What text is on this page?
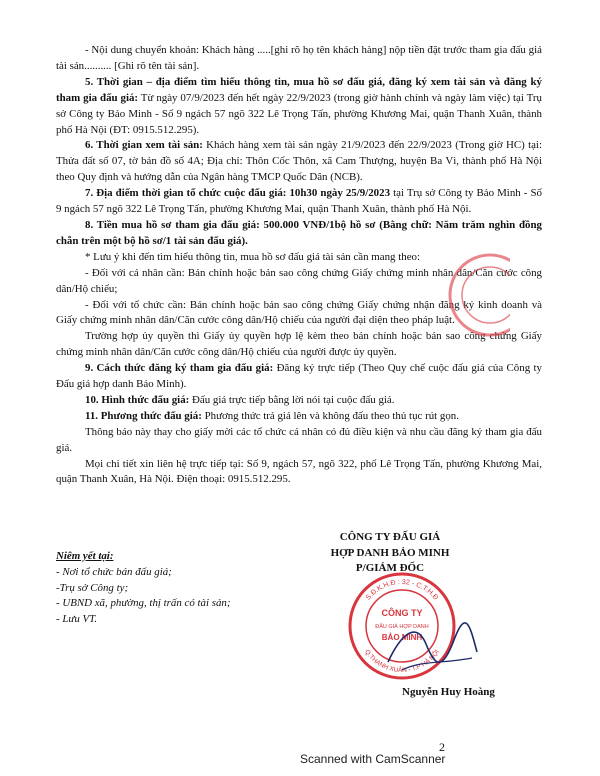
- Nội dung chuyển khoản: Khách hàng .....[ghi rõ họ tên khách hàng] nộp tiền đặt trước tham gia đấu giá tài sản.......... [Ghi rõ tên tài sản].

5. Thời gian – địa điểm tìm hiểu thông tin, mua hồ sơ đấu giá, đăng ký xem tài sản và đăng ký tham gia đấu giá: Từ ngày 07/9/2023 đến hết ngày 22/9/2023 (trong giờ hành chính và ngày làm việc) tại Trụ sở Công ty Bảo Minh - Số 9 ngách 57 ngõ 322 Lê Trọng Tấn, phường Khương Mai, quận Thanh Xuân, thành phố Hà Nội (ĐT: 0915.512.295).

6. Thời gian xem tài sản: Khách hàng xem tài sản ngày 21/9/2023 đến 22/9/2023 (Trong giờ HC) tại: Thửa đất số 07, tờ bản đồ số 4A; Địa chỉ: Thôn Cốc Thôn, xã Cam Thượng, huyện Ba Vì, thành phố Hà Nội theo Quy định và hướng dẫn của Ngân hàng TMCP Quốc Dân (NCB).

7. Địa điểm thời gian tổ chức cuộc đấu giá: 10h30 ngày 25/9/2023 tại Trụ sở Công ty Bảo Minh - Số 9 ngách 57 ngõ 322 Lê Trọng Tấn, phường Khương Mai, quận Thanh Xuân, thành phố Hà Nội.

8. Tiền mua hồ sơ tham gia đấu giá: 500.000 VNĐ/1bộ hồ sơ (Bằng chữ: Năm trăm nghìn đồng chẵn trên một bộ hồ sơ/1 tài sản đấu giá).

* Lưu ý khi đến tìm hiểu thông tin, mua hồ sơ đấu giá tài sản cần mang theo:

- Đối với cá nhân cần: Bản chính hoặc bản sao công chứng Giấy chứng minh nhân dân/Căn cước công dân/Hộ chiếu;

- Đối với tổ chức cần: Bản chính hoặc bản sao công chứng Giấy chứng nhận đăng ký kinh doanh và Giấy chứng minh nhân dân/Căn cước công dân/Hộ chiếu của người đại diện theo pháp luật.

Trường hợp ủy quyền thì Giấy ủy quyền hợp lệ kèm theo bản chính hoặc bản sao công chứng Giấy chứng minh nhân dân/Căn cước công dân/Hộ chiếu của người được ủy quyền.

9. Cách thức đăng ký tham gia đấu giá: Đăng ký trực tiếp (Theo Quy chế cuộc đấu giá của Công ty Đấu giá hợp danh Bảo Minh).

10. Hình thức đấu giá: Đấu giá trực tiếp bằng lời nói tại cuộc đấu giá.

11. Phương thức đấu giá: Phương thức trả giá lên và không đấu theo thủ tục rút gọn.

Thông báo này thay cho giấy mời các tổ chức cá nhân có đủ điều kiện và nhu cầu đăng ký tham gia đấu giá.

Mọi chi tiết xin liên hệ trực tiếp tại: Số 9, ngách 57, ngõ 322, phố Lê Trọng Tấn, phường Khương Mai, quận Thanh Xuân, Hà Nội. Điện thoại: 0915.512.295.

Niêm yết tại:
- Nơi tổ chức bán đấu giá;
-Trụ sở Công ty;
- UBND xã, phường, thị trấn có tài sản;
- Lưu VT.
CÔNG TY ĐẤU GIÁ
HỢP DANH BẢO MINH
P/GIÁM ĐỐC
S.Đ.K.H.Đ : 32 - C.T.H.Đ
Q.THANH XUÂN - T.P HÀ NỘI
CÔNG TY
ĐẤU GIÁ HỢP DANH
BẢO MINH
Nguyễn Huy Hoàng
2
Scanned with CamScanner
